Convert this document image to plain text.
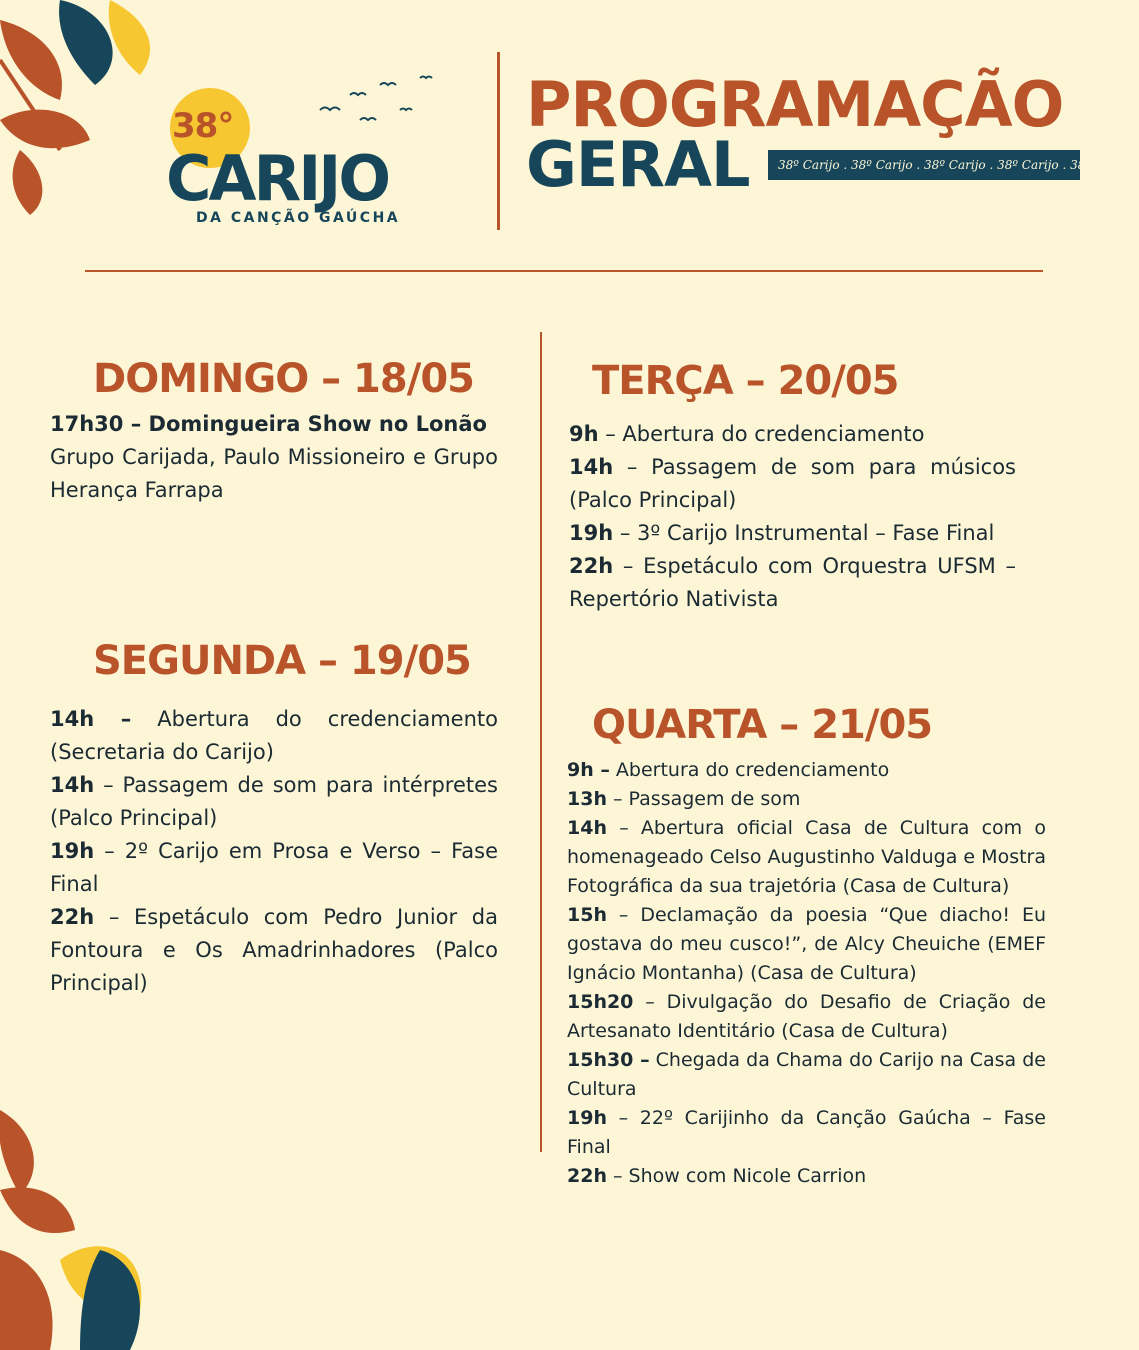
38°
CARIJO
DA CANÇÃO GAÚCHA
PROGRAMAÇÃO
GERAL	38º Carijo . 38º Carijo . 38º Carijo . 38º Carijo . 38º Carijo .
DOMINGO – 18/05

17h30 – Domingueira Show no Lonão
Grupo Carijada, Paulo Missioneiro e Grupo Herança Farrapa

SEGUNDA – 19/05

14h – Abertura do credenciamento (Secretaria do Carijo)

14h – Passagem de som para intérpretes (Palco Principal)

19h – 2º Carijo em Prosa e Verso – Fase Final

22h – Espetáculo com Pedro Junior da Fontoura e Os Amadrinhadores (Palco Principal)

TERÇA – 20/05

9h – Abertura do credenciamento

14h – Passagem de som para músicos (Palco Principal)

19h – 3º Carijo Instrumental – Fase Final

22h – Espetáculo com Orquestra UFSM – Repertório Nativista

QUARTA – 21/05

9h – Abertura do credenciamento

13h – Passagem de som

14h – Abertura oficial Casa de Cultura com o homenageado Celso Augustinho Valduga e Mostra Fotográfica da sua trajetória (Casa de Cultura)

15h – Declamação da poesia “Que diacho! Eu gostava do meu cusco!”, de Alcy Cheuiche (EMEF Ignácio Montanha) (Casa de Cultura)

15h20 – Divulgação do Desafio de Criação de Artesanato Identitário (Casa de Cultura)

15h30 – Chegada da Chama do Carijo na Casa de Cultura

19h – 22º Carijinho da Canção Gaúcha – Fase Final

22h – Show com Nicole Carrion
